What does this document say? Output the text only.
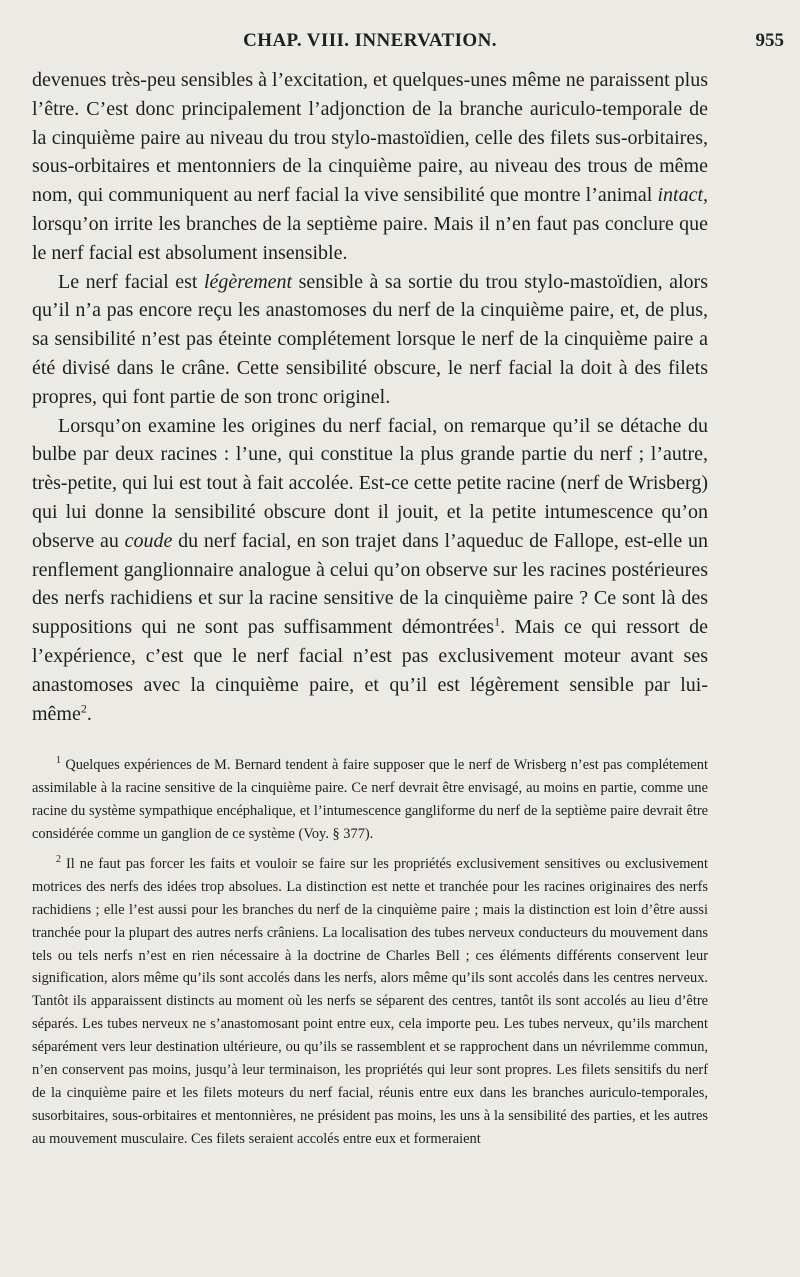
CHAP. VIII. INNERVATION.	955

devenues très-peu sensibles à l’excitation, et quelques-unes même ne paraissent plus l’être. C’est donc principalement l’adjonction de la branche auriculo-temporale de la cinquième paire au niveau du trou stylo-mastoïdien, celle des filets sus-orbitaires, sous-orbitaires et mentonniers de la cinquième paire, au niveau des trous de même nom, qui communiquent au nerf facial la vive sensibilité que montre l’animal intact, lorsqu’on irrite les branches de la septième paire. Mais il n’en faut pas conclure que le nerf facial est absolument insensible.

Le nerf facial est légèrement sensible à sa sortie du trou stylo-mastoïdien, alors qu’il n’a pas encore reçu les anastomoses du nerf de la cinquième paire, et, de plus, sa sensibilité n’est pas éteinte complétement lorsque le nerf de la cinquième paire a été divisé dans le crâne. Cette sensibilité obscure, le nerf facial la doit à des filets propres, qui font partie de son tronc originel.

Lorsqu’on examine les origines du nerf facial, on remarque qu’il se détache du bulbe par deux racines : l’une, qui constitue la plus grande partie du nerf ; l’autre, très-petite, qui lui est tout à fait accolée. Est-ce cette petite racine (nerf de Wrisberg) qui lui donne la sensibilité obscure dont il jouit, et la petite intumescence qu’on observe au coude du nerf facial, en son trajet dans l’aqueduc de Fallope, est-elle un renflement ganglionnaire analogue à celui qu’on observe sur les racines postérieures des nerfs rachidiens et sur la racine sensitive de la cinquième paire ? Ce sont là des suppositions qui ne sont pas suffisamment démontrées$^1$. Mais ce qui ressort de l’expérience, c’est que le nerf facial n’est pas exclusivement moteur avant ses anastomoses avec la cinquième paire, et qu’il est légèrement sensible par lui-même$^2$.

$^1$ Quelques expériences de M. Bernard tendent à faire supposer que le nerf de Wrisberg n’est pas complétement assimilable à la racine sensitive de la cinquième paire. Ce nerf devrait être envisagé, au moins en partie, comme une racine du système sympathique encéphalique, et l’intumescence gangliforme du nerf de la septième paire devrait être considérée comme un ganglion de ce système (Voy. § 377).

$^2$ Il ne faut pas forcer les faits et vouloir se faire sur les propriétés exclusivement sensitives ou exclusivement motrices des nerfs des idées trop absolues. La distinction est nette et tranchée pour les racines originaires des nerfs rachidiens ; elle l’est aussi pour les branches du nerf de la cinquième paire ; mais la distinction est loin d’être aussi tranchée pour la plupart des autres nerfs crâniens. La localisation des tubes nerveux conducteurs du mouvement dans tels ou tels nerfs n’est en rien nécessaire à la doctrine de Charles Bell ; ces éléments différents conservent leur signification, alors même qu’ils sont accolés dans les nerfs, alors même qu’ils sont accolés dans les centres nerveux. Tantôt ils apparaissent distincts au moment où les nerfs se séparent des centres, tantôt ils sont accolés au lieu d’être séparés. Les tubes nerveux ne s’anastomosant point entre eux, cela importe peu. Les tubes nerveux, qu’ils marchent séparément vers leur destination ultérieure, ou qu’ils se rassemblent et se rapprochent dans un névrilemme commun, n’en conservent pas moins, jusqu’à leur terminaison, les propriétés qui leur sont propres. Les filets sensitifs du nerf de la cinquième paire et les filets moteurs du nerf facial, réunis entre eux dans les branches auriculo-temporales, susorbitaires, sous-orbitaires et mentonnières, ne président pas moins, les uns à la sensibilité des parties, et les autres au mouvement musculaire. Ces filets seraient accolés entre eux et formeraient
